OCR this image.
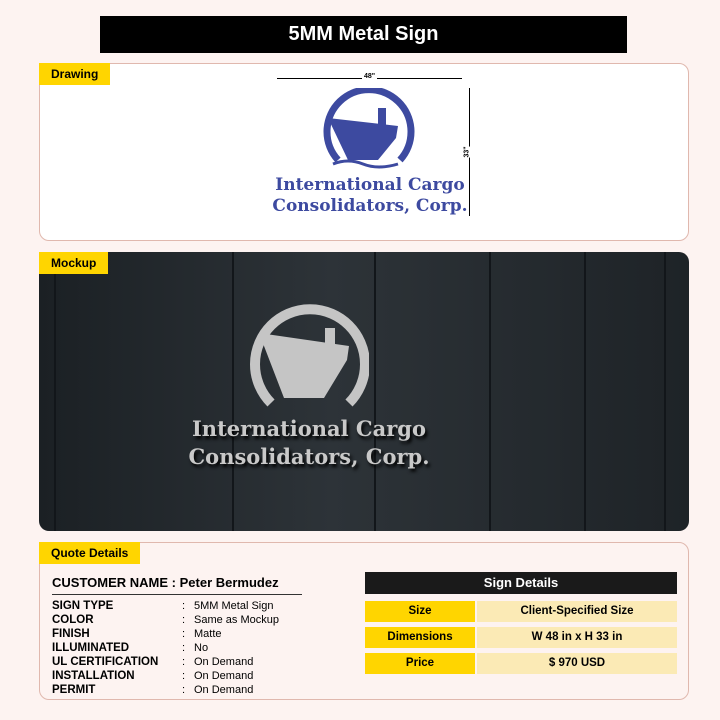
5MM Metal Sign
Drawing	48"
33"
International Cargo
Consolidators, Corp.
Mockup
International Cargo
Consolidators, Corp.
Quote Details
CUSTOMER NAME : Peter Bermudez
SIGN TYPE	: 5MM Metal Sign
COLOR	: Same as Mockup
FINISH	: Matte
ILLUMINATED	: No
UL CERTIFICATION	: On Demand
INSTALLATION	: On Demand
PERMIT	: On Demand
Sign Details
Size	Client-Specified Size
Dimensions	W 48 in x H 33 in
Price	$ 970 USD
